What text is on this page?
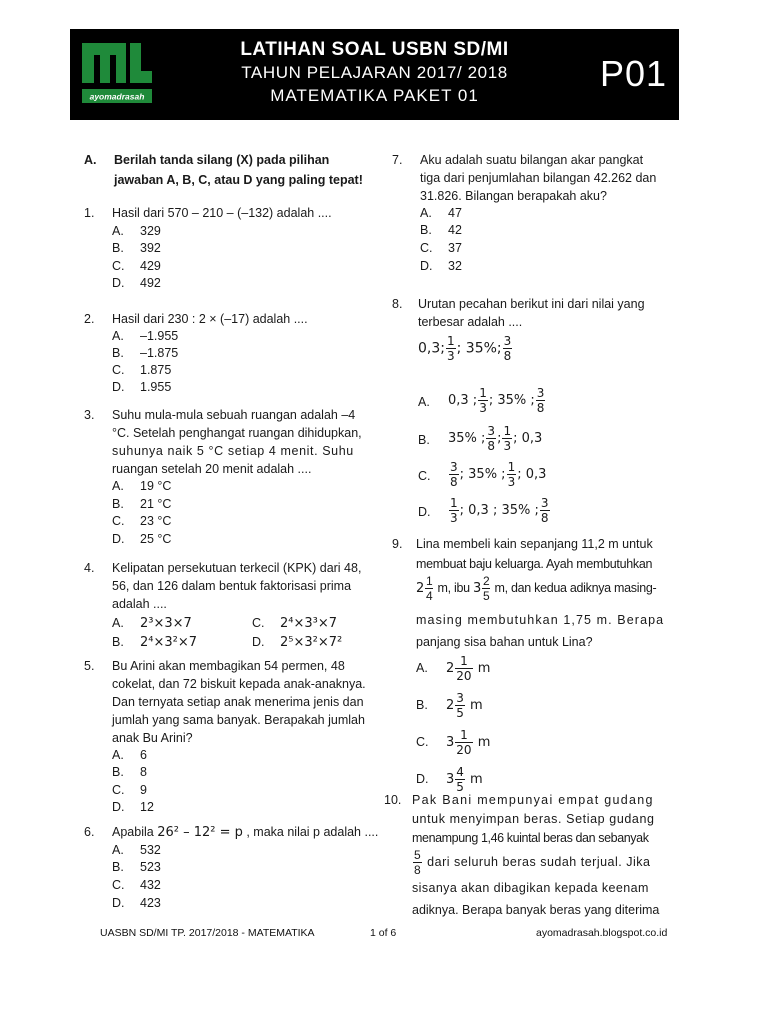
ayomadrasah
LATIHAN SOAL USBN SD/MI
TAHUN PELAJARAN 2017/ 2018
MATEMATIKA PAKET 01
P01
A. Berilah tanda silang (X) pada pilihan
jawaban A, B, C, atau D yang paling tepat!
1. Hasil dari 570 – 210 – (–132) adalah ....
A. 329
B. 392
C. 429
D. 492
2. Hasil dari 230 : 2 × (–17) adalah ....
A. –1.955
B. –1.875
C. 1.875
D. 1.955
3. Suhu mula-mula sebuah ruangan adalah –4
°C. Setelah penghangat ruangan dihidupkan,
suhunya naik 5 °C setiap 4 menit. Suhu
ruangan setelah 20 menit adalah ....
A. 19 °C
B. 21 °C
C. 23 °C
D. 25 °C
4. Kelipatan persekutuan terkecil (KPK) dari 48,
56, dan 126 dalam bentuk faktorisasi prima
adalah ....
A. 2³×3×7
B. 2⁴×3²×7
C. 2⁴×3³×7
D. 2⁵×3²×7²
5. Bu Arini akan membagikan 54 permen, 48
cokelat, dan 72 biskuit kepada anak-anaknya.
Dan ternyata setiap anak menerima jenis dan
jumlah yang sama banyak. Berapakah jumlah
anak Bu Arini?
A. 6
B. 8
C. 9
D. 12
6. Apabila 26² – 12² = p , maka nilai p adalah ....
A. 532
B. 523
C. 432
D. 423
7. Aku adalah suatu bilangan akar pangkat
tiga dari penjumlahan bilangan 42.262 dan
31.826. Bilangan berapakah aku?
A. 47
B. 42
C. 37
D. 32
8. Urutan pecahan berikut ini dari nilai yang
terbesar adalah ....
0,3; $\frac{1}{3}$ ; 35%; $\frac{3}{8}$
A. 0,3 ; $\frac{1}{3}$ ; 35% ; $\frac{3}{8}$
B. 35% ; $\frac{3}{8}$ ; $\frac{1}{3}$ ; 0,3
C. $\frac{3}{8}$ ; 35% ; $\frac{1}{3}$ ; 0,3
D. $\frac{1}{3}$ ; 0,3 ; 35% ; $\frac{3}{8}$
9. Lina membeli kain sepanjang 11,2 m untuk
membuat baju keluarga. Ayah membutuhkan
$2 \frac{1}{4} m$, ibu $3 \frac{2}{5} m$, dan kedua adiknya masing-
masing membutuhkan 1,75 m. Berapa
panjang sisa bahan untuk Lina?
A. $2 \frac{1}{20}$ m
B. $2 \frac{3}{5}$ m
C. $3 \frac{1}{20}$ m
D. $3 \frac{4}{5}$ m
10. Pak Bani mempunyai empat gudang
untuk menyimpan beras. Setiap gudang
menampung 1,46 kuintal beras dan sebanyak
$\frac{5}{8}$ dari seluruh beras sudah terjual. Jika
sisanya akan dibagikan kepada keenam
adiknya. Berapa banyak beras yang diterima
UASBN SD/MI TP. 2017/2018 - MATEMATIKA	1 of 6	ayomadrasah.blogspot.co.id
